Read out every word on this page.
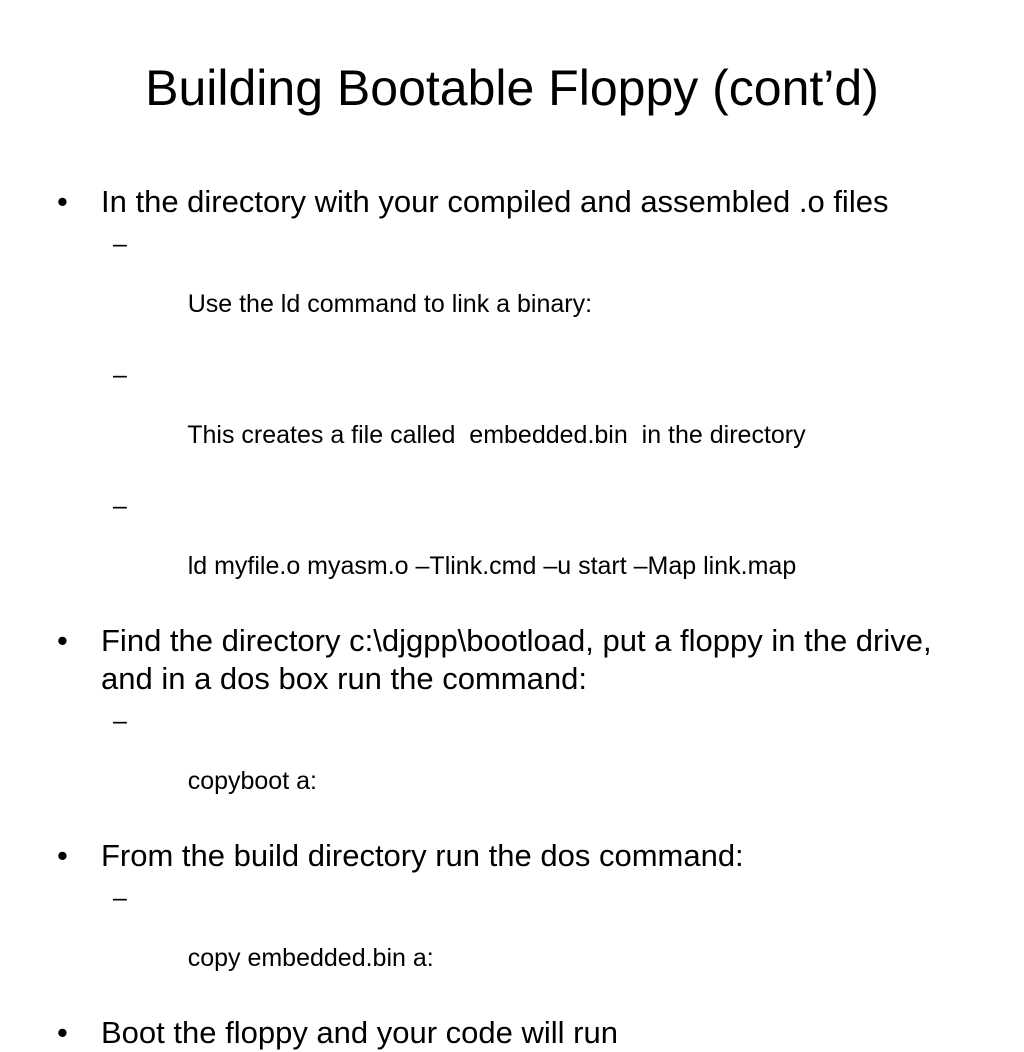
Building Bootable Floppy (cont’d)
• In the directory with your compiled and assembled .o files

–

Use the ld command to link a binary:

–

This creates a file called  embedded.bin  in the directory

–

ld myfile.o myasm.o –Tlink.cmd –u start –Map link.map

• Find the directory c:\djgpp\bootload, put a floppy in the drive, and in a dos box run the command:

–

copyboot a:

• From the build directory run the dos command:

–

copy embedded.bin a:

• Boot the floppy and your code will run
